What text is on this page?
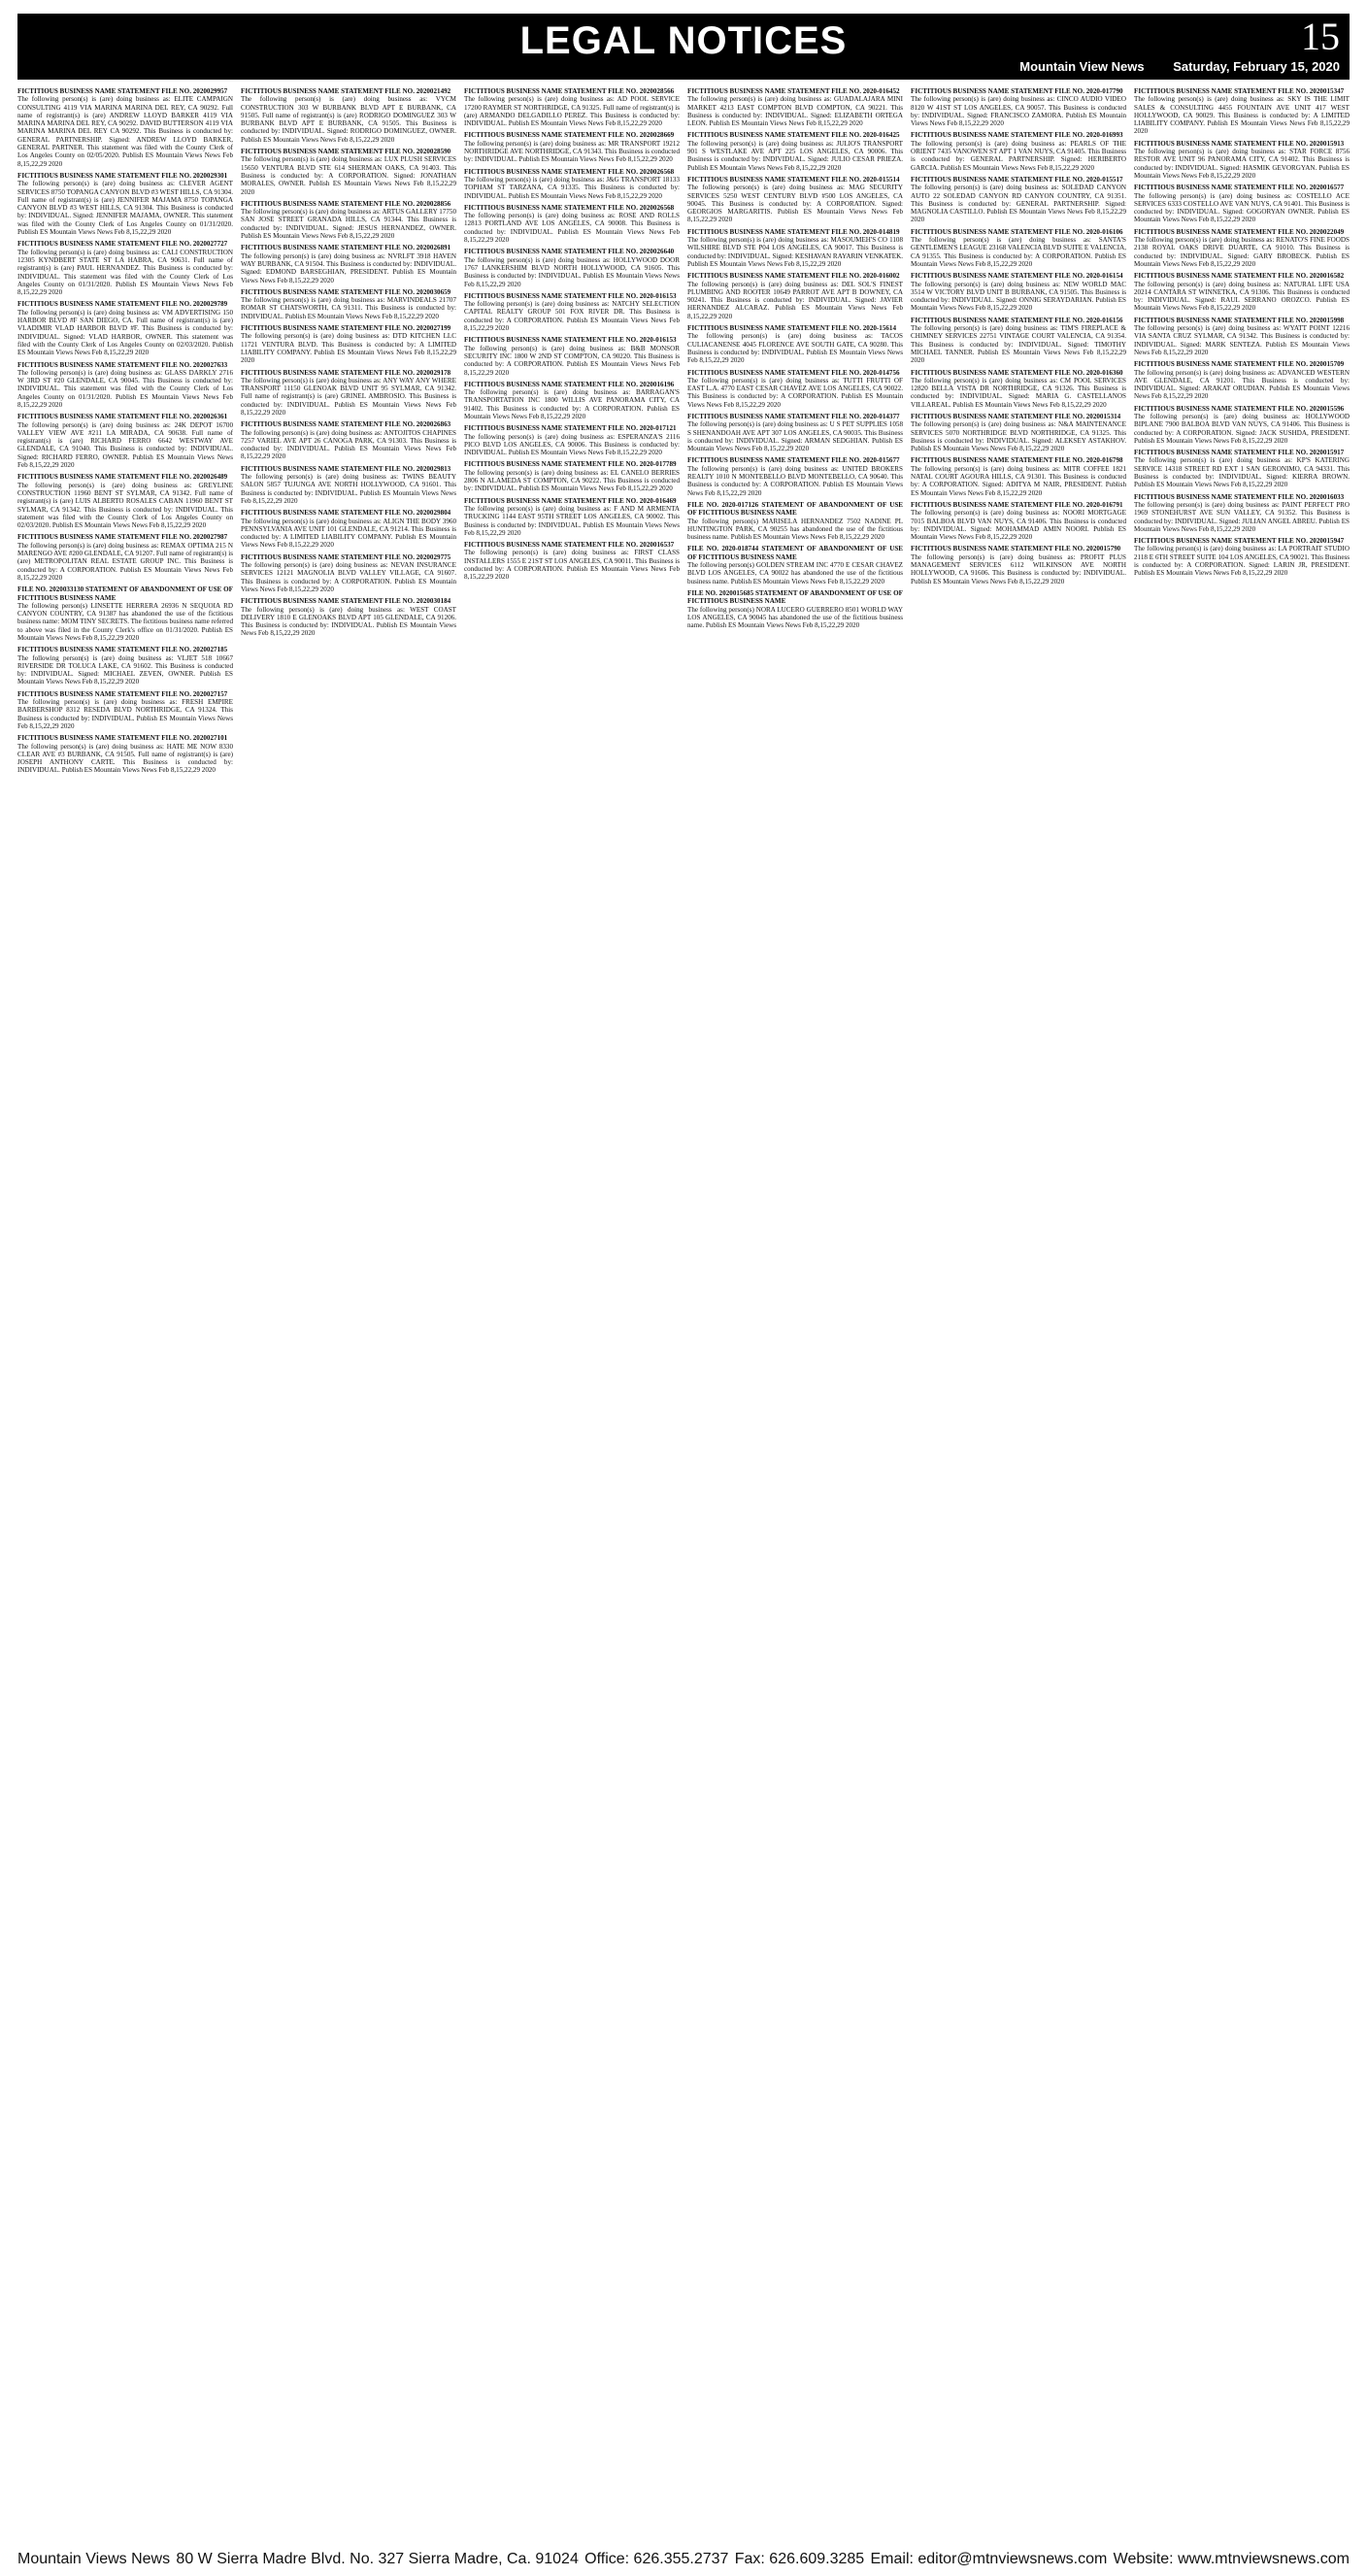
LEGAL NOTICES	15
Mountain View News Saturday, February 15, 2020
FICTITIOUS BUSINESS NAME STATEMENT FILE NO. 2020029957
The following person(s) is (are) doing business as: ELITE CAMPAIGN CONSULTING 4119 VIA MARINA MARINA DEL REY, CA 90292. Full name of registrant(s) is (are) ANDREW LLOYD BARKER 4119 VIA MARINA MARINA DEL REY, CA 90292. DAVID BUTTERSON 4119 VIA MARINA MARINA DEL REY CA 90292. This Business is conducted by: GENERAL PARTNERSHIP. Signed: ANDREW LLOYD BARKER, GENERAL PARTNER. This statement was filed with the County Clerk of Los Angeles County on 02/05/2020. Publish ES Mountain Views News Feb 8,15,22,29 2020
FICTITIOUS BUSINESS NAME STATEMENT FILE NO. 2020029301
The following person(s) is (are) doing business as: CLEVER AGENT SERVICES 8750 TOPANGA CANYON BLVD #3 WEST HILLS, CA 91304. Full name of registrant(s) is (are) JENNIFER MAJAMA 8750 TOPANGA CANYON BLVD #3 WEST HILLS, CA 91304. This Business is conducted by: INDIVIDUAL. Signed: JENNIFER MAJAMA, OWNER. This statement was filed with the County Clerk of Los Angeles County on 01/31/2020. Publish ES Mountain Views News Feb 8,15,22,29 2020
FICTITIOUS BUSINESS NAME STATEMENT FILE NO. 2020027727
The following person(s) is (are) doing business as: CALI CONSTRUCTION 12305 KYNDBERT STATE ST LA HABRA, CA 90631. Full name of registrant(s) is (are) PAUL HERNANDEZ. This Business is conducted by: INDIVIDUAL. This statement was filed with the County Clerk of Los Angeles County on 01/31/2020. Publish ES Mountain Views News Feb 8,15,22,29 2020
FICTITIOUS BUSINESS NAME STATEMENT FILE NO. 2020029789
The following person(s) is (are) doing business as: VM ADVERTISING 150 HARBOR BLVD #F SAN DIEGO, CA. Full name of registrant(s) is (are) VLADIMIR VLAD HARBOR BLVD #F. This Business is conducted by: INDIVIDUAL. Signed: VLAD HARBOR, OWNER. This statement was filed with the County Clerk of Los Angeles County on 02/03/2020. Publish ES Mountain Views News Feb 8,15,22,29 2020
FICTITIOUS BUSINESS NAME STATEMENT FILE NO. 2020027633
The following person(s) is (are) doing business as: GLASS DARKLY 2716 W 3RD ST #20 GLENDALE, CA 90045. This Business is conducted by: INDIVIDUAL. This statement was filed with the County Clerk of Los Angeles County on 01/31/2020. Publish ES Mountain Views News Feb 8,15,22,29 2020
FICTITIOUS BUSINESS NAME STATEMENT FILE NO. 2020026361
The following person(s) is (are) doing business as: 24K DEPOT 16700 VALLEY VIEW AVE #211 LA MIRADA, CA 90638. Full name of registrant(s) is (are) RICHARD FERRO 6642 WESTWAY AVE GLENDALE, CA 91040. This Business is conducted by: INDIVIDUAL. Signed: RICHARD FERRO, OWNER. Publish ES Mountain Views News Feb 8,15,22,29 2020
FICTITIOUS BUSINESS NAME STATEMENT FILE NO. 2020026489
The following person(s) is (are) doing business as: GREYLINE CONSTRUCTION 11960 BENT ST SYLMAR, CA 91342. Full name of registrant(s) is (are) LUIS ALBERTO ROSALES CABAN 11960 BENT ST SYLMAR, CA 91342. This Business is conducted by: INDIVIDUAL. This statement was filed with the County Clerk of Los Angeles County on 02/03/2020. Publish ES Mountain Views News Feb 8,15,22,29 2020
FICTITIOUS BUSINESS NAME STATEMENT FILE NO. 2020027987
The following person(s) is (are) doing business as: REMAX OPTIMA 215 N MARENGO AVE #200 GLENDALE, CA 91207. Full name of registrant(s) is (are) METROPOLITAN REAL ESTATE GROUP INC. This Business is conducted by: A CORPORATION. Publish ES Mountain Views News Feb 8,15,22,29 2020
FILE NO. 2020033130 STATEMENT OF ABANDONMENT OF USE OF FICTITIOUS BUSINESS NAME
The following person(s) LINSETTE HERRERA 26936 N SEQUOIA RD CANYON COUNTRY, CA 91387 has abandoned the use of the fictitious business name: MOM TINY SECRETS. The fictitious business name referred to above was filed in the County Clerk's office on 01/31/2020. Publish ES Mountain Views News Feb 8,15,22,29 2020
FICTITIOUS BUSINESS NAME STATEMENT FILE NO. 2020027185
The following person(s) is (are) doing business as: VLJET 518 10667 RIVERSIDE DR TOLUCA LAKE, CA 91602. This Business is conducted by: INDIVIDUAL. Signed: MICHAEL ZEVEN, OWNER. Publish ES Mountain Views News Feb 8,15,22,29 2020
FICTITIOUS BUSINESS NAME STATEMENT FILE NO. 2020027157
The following person(s) is (are) doing business as: FRESH EMPIRE BARBERSHOP 8312 RESEDA BLVD NORTHRIDGE, CA 91324. This Business is conducted by: INDIVIDUAL. Publish ES Mountain Views News Feb 8,15,22,29 2020
FICTITIOUS BUSINESS NAME STATEMENT FILE NO. 2020027101
The following person(s) is (are) doing business as: HATE ME NOW 8330 CLEAR AVE #3 BURBANK, CA 91505. Full name of registrant(s) is (are) JOSEPH ANTHONY CARTE. This Business is conducted by: INDIVIDUAL. Publish ES Mountain Views News Feb 8,15,22,29 2020
FICTITIOUS BUSINESS NAME STATEMENT FILE NO. 2020021492
The following person(s) is (are) doing business as: VYCM CONSTRUCTION 303 W BURBANK BLVD APT E BURBANK, CA 91505. Full name of registrant(s) is (are) RODRIGO DOMINGUEZ 303 W BURBANK BLVD APT E BURBANK, CA 91505. This Business is conducted by: INDIVIDUAL. Signed: RODRIGO DOMINGUEZ, OWNER. Publish ES Mountain Views News Feb 8,15,22,29 2020
FICTITIOUS BUSINESS NAME STATEMENT FILE NO. 2020028590
The following person(s) is (are) doing business as: LUX PLUSH SERVICES 15650 VENTURA BLVD STE 614 SHERMAN OAKS, CA 91403. This Business is conducted by: A CORPORATION. Signed: JONATHAN MORALES, OWNER. Publish ES Mountain Views News Feb 8,15,22,29 2020
FICTITIOUS BUSINESS NAME STATEMENT FILE NO. 2020028856
The following person(s) is (are) doing business as: ARTUS GALLERY 17750 SAN JOSE STREET GRANADA HILLS, CA 91344. This Business is conducted by: INDIVIDUAL. Signed: JESUS HERNANDEZ, OWNER. Publish ES Mountain Views News Feb 8,15,22,29 2020
FICTITIOUS BUSINESS NAME STATEMENT FILE NO. 2020026891
The following person(s) is (are) doing business as: NVRLFT 3918 HAVEN WAY BURBANK, CA 91504. This Business is conducted by: INDIVIDUAL. Signed: EDMOND BARSEGHIAN, PRESIDENT. Publish ES Mountain Views News Feb 8,15,22,29 2020
FICTITIOUS BUSINESS NAME STATEMENT FILE NO. 2020030659
The following person(s) is (are) doing business as: MARVINDEALS 21707 ROMAR ST CHATSWORTH, CA 91311. This Business is conducted by: INDIVIDUAL. Publish ES Mountain Views News Feb 8,15,22,29 2020
FICTITIOUS BUSINESS NAME STATEMENT FILE NO. 2020027199
The following person(s) is (are) doing business as: DTD KITCHEN LLC 11721 VENTURA BLVD. This Business is conducted by: A LIMITED LIABILITY COMPANY. Publish ES Mountain Views News Feb 8,15,22,29 2020
FICTITIOUS BUSINESS NAME STATEMENT FILE NO. 2020029178
The following person(s) is (are) doing business as: ANY WAY ANY WHERE TRANSPORT 11150 GLENOAK BLVD UNIT 95 SYLMAR, CA 91342. Full name of registrant(s) is (are) GRINEL AMBROSIO. This Business is conducted by: INDIVIDUAL. Publish ES Mountain Views News Feb 8,15,22,29 2020
FICTITIOUS BUSINESS NAME STATEMENT FILE NO. 2020026863
The following person(s) is (are) doing business as: ANTOJITOS CHAPINES 7257 VARIEL AVE APT 26 CANOGA PARK, CA 91303. This Business is conducted by: INDIVIDUAL. Publish ES Mountain Views News Feb 8,15,22,29 2020
FICTITIOUS BUSINESS NAME STATEMENT FILE NO. 2020029813
The following person(s) is (are) doing business as: TWINS BEAUTY SALON 5857 TUJUNGA AVE NORTH HOLLYWOOD, CA 91601. This Business is conducted by: INDIVIDUAL. Publish ES Mountain Views News Feb 8,15,22,29 2020
FICTITIOUS BUSINESS NAME STATEMENT FILE NO. 2020029804
The following person(s) is (are) doing business as: ALIGN THE BODY 3960 PENNSYLVANIA AVE UNIT 101 GLENDALE, CA 91214. This Business is conducted by: A LIMITED LIABILITY COMPANY. Publish ES Mountain Views News Feb 8,15,22,29 2020
FICTITIOUS BUSINESS NAME STATEMENT FILE NO. 2020029775
The following person(s) is (are) doing business as: NEVAN INSURANCE SERVICES 12121 MAGNOLIA BLVD VALLEY VILLAGE, CA 91607. This Business is conducted by: A CORPORATION. Publish ES Mountain Views News Feb 8,15,22,29 2020
FICTITIOUS BUSINESS NAME STATEMENT FILE NO. 2020030184
The following person(s) is (are) doing business as: WEST COAST DELIVERY 1810 E GLENOAKS BLVD APT 105 GLENDALE, CA 91206. This Business is conducted by: INDIVIDUAL. Publish ES Mountain Views News Feb 8,15,22,29 2020
FICTITIOUS BUSINESS NAME STATEMENT FILE NO. 2020028566
The following person(s) is (are) doing business as: AD POOL SERVICE 17200 RAYMER ST NORTHRIDGE, CA 91325. Full name of registrant(s) is (are) ARMANDO DELGADILLO PEREZ. This Business is conducted by: INDIVIDUAL. Publish ES Mountain Views News Feb 8,15,22,29 2020
FICTITIOUS BUSINESS NAME STATEMENT FILE NO. 2020028669
The following person(s) is (are) doing business as: MR TRANSPORT 19212 NORTHRIDGE AVE NORTHRIDGE, CA 91343. This Business is conducted by: INDIVIDUAL. Publish ES Mountain Views News Feb 8,15,22,29 2020
FICTITIOUS BUSINESS NAME STATEMENT FILE NO. 2020026568
The following person(s) is (are) doing business as: J&G TRANSPORT 18133 TOPHAM ST TARZANA, CA 91335. This Business is conducted by: INDIVIDUAL. Publish ES Mountain Views News Feb 8,15,22,29 2020
FICTITIOUS BUSINESS NAME STATEMENT FILE NO. 2020026568
The following person(s) is (are) doing business as: ROSE AND ROLLS 12813 PORTLAND AVE LOS ANGELES, CA 90008. This Business is conducted by: INDIVIDUAL. Publish ES Mountain Views News Feb 8,15,22,29 2020
FICTITIOUS BUSINESS NAME STATEMENT FILE NO. 2020026640
The following person(s) is (are) doing business as: HOLLYWOOD DOOR 1767 LANKERSHIM BLVD NORTH HOLLYWOOD, CA 91605. This Business is conducted by: INDIVIDUAL. Publish ES Mountain Views News Feb 8,15,22,29 2020
FICTITIOUS BUSINESS NAME STATEMENT FILE NO. 2020-016153
The following person(s) is (are) doing business as: NATCHY SELECTION CAPITAL REALTY GROUP 501 FOX RIVER DR. This Business is conducted by: A CORPORATION. Publish ES Mountain Views News Feb 8,15,22,29 2020
FICTITIOUS BUSINESS NAME STATEMENT FILE NO. 2020-016153
The following person(s) is (are) doing business as: B&B MONSOR SECURITY INC 1800 W 2ND ST COMPTON, CA 90220. This Business is conducted by: A CORPORATION. Publish ES Mountain Views News Feb 8,15,22,29 2020
FICTITIOUS BUSINESS NAME STATEMENT FILE NO. 2020016196
The following person(s) is (are) doing business as: BARRAGAN'S TRANSPORTATION INC 1800 WILLIS AVE PANORAMA CITY, CA 91402. This Business is conducted by: A CORPORATION. Publish ES Mountain Views News Feb 8,15,22,29 2020
FICTITIOUS BUSINESS NAME STATEMENT FILE NO. 2020-017121
The following person(s) is (are) doing business as: ESPERANZA'S 2116 PICO BLVD LOS ANGELES, CA 90006. This Business is conducted by: INDIVIDUAL. Publish ES Mountain Views News Feb 8,15,22,29 2020
FICTITIOUS BUSINESS NAME STATEMENT FILE NO. 2020-017789
The following person(s) is (are) doing business as: EL CANELO BERRIES 2806 N ALAMEDA ST COMPTON, CA 90222. This Business is conducted by: INDIVIDUAL. Publish ES Mountain Views News Feb 8,15,22,29 2020
FICTITIOUS BUSINESS NAME STATEMENT FILE NO. 2020-016469
The following person(s) is (are) doing business as: F AND M ARMENTA TRUCKING 1144 EAST 95TH STREET LOS ANGELES, CA 90002. This Business is conducted by: INDIVIDUAL. Publish ES Mountain Views News Feb 8,15,22,29 2020
FICTITIOUS BUSINESS NAME STATEMENT FILE NO. 2020016537
The following person(s) is (are) doing business as: FIRST CLASS INSTALLERS 1555 E 21ST ST LOS ANGELES, CA 90011. This Business is conducted by: A CORPORATION. Publish ES Mountain Views News Feb 8,15,22,29 2020
FICTITIOUS BUSINESS NAME STATEMENT FILE NO. 2020-016452
The following person(s) is (are) doing business as: GUADALAJARA MINI MARKET 4213 EAST COMPTON BLVD COMPTON, CA 90221. This Business is conducted by: INDIVIDUAL. Signed: ELIZABETH ORTEGA LEON. Publish ES Mountain Views News Feb 8,15,22,29 2020
FICTITIOUS BUSINESS NAME STATEMENT FILE NO. 2020-016425
The following person(s) is (are) doing business as: JULIO'S TRANSPORT 901 S WESTLAKE AVE APT 225 LOS ANGELES, CA 90006. This Business is conducted by: INDIVIDUAL. Signed: JULIO CESAR PRIEZA. Publish ES Mountain Views News Feb 8,15,22,29 2020
FICTITIOUS BUSINESS NAME STATEMENT FILE NO. 2020-015514
The following person(s) is (are) doing business as: MAG SECURITY SERVICES 5250 WEST CENTURY BLVD #500 LOS ANGELES, CA 90045. This Business is conducted by: A CORPORATION. Signed: GEORGIOS MARGARITIS. Publish ES Mountain Views News Feb 8,15,22,29 2020
FICTITIOUS BUSINESS NAME STATEMENT FILE NO. 2020-014819
The following person(s) is (are) doing business as: MASOUMEH'S CO 1108 WILSHIRE BLVD STE P04 LOS ANGELES, CA 90017. This Business is conducted by: INDIVIDUAL. Signed: KESHAVAN RAYARIN VENKATEK. Publish ES Mountain Views News Feb 8,15,22,29 2020
FICTITIOUS BUSINESS NAME STATEMENT FILE NO. 2020-016002
The following person(s) is (are) doing business as: DEL SOL'S FINEST PLUMBING AND ROOTER 10649 PARROT AVE APT B DOWNEY, CA 90241. This Business is conducted by: INDIVIDUAL. Signed: JAVIER HERNANDEZ ALCARAZ. Publish ES Mountain Views News Feb 8,15,22,29 2020
FICTITIOUS BUSINESS NAME STATEMENT FILE NO. 2020-15614
The following person(s) is (are) doing business as: TACOS CULIACANENSE 4045 FLORENCE AVE SOUTH GATE, CA 90280. This Business is conducted by: INDIVIDUAL. Publish ES Mountain Views News Feb 8,15,22,29 2020
FICTITIOUS BUSINESS NAME STATEMENT FILE NO. 2020-014756
The following person(s) is (are) doing business as: TUTTI FRUTTI OF EAST L.A. 4770 EAST CESAR CHAVEZ AVE LOS ANGELES, CA 90022. This Business is conducted by: A CORPORATION. Publish ES Mountain Views News Feb 8,15,22,29 2020
FICTITIOUS BUSINESS NAME STATEMENT FILE NO. 2020-014377
The following person(s) is (are) doing business as: U S PET SUPPLIES 1058 S SHENANDOAH AVE APT 307 LOS ANGELES, CA 90035. This Business is conducted by: INDIVIDUAL. Signed: ARMAN SEDGHIAN. Publish ES Mountain Views News Feb 8,15,22,29 2020
FICTITIOUS BUSINESS NAME STATEMENT FILE NO. 2020-015677
The following person(s) is (are) doing business as: UNITED BROKERS REALTY 1010 N MONTEBELLO BLVD MONTEBELLO, CA 90640. This Business is conducted by: A CORPORATION. Publish ES Mountain Views News Feb 8,15,22,29 2020
FILE NO. 2020-017126 STATEMENT OF ABANDONMENT OF USE OF FICTITIOUS BUSINESS NAME
The following person(s) MARISELA HERNANDEZ 7502 NADINE PL HUNTINGTON PARK, CA 90255 has abandoned the use of the fictitious business name. Publish ES Mountain Views News Feb 8,15,22,29 2020
FILE NO. 2020-018744 STATEMENT OF ABANDONMENT OF USE OF FICTITIOUS BUSINESS NAME
The following person(s) GOLDEN STREAM INC 4770 E CESAR CHAVEZ BLVD LOS ANGELES, CA 90022 has abandoned the use of the fictitious business name. Publish ES Mountain Views News Feb 8,15,22,29 2020
FILE NO. 2020015685 STATEMENT OF ABANDONMENT OF USE OF FICTITIOUS BUSINESS NAME
The following person(s) NORA LUCERO GUERRERO 8501 WORLD WAY LOS ANGELES, CA 90045 has abandoned the use of the fictitious business name. Publish ES Mountain Views News Feb 8,15,22,29 2020
FICTITIOUS BUSINESS NAME STATEMENT FILE NO. 2020-017790
The following person(s) is (are) doing business as: CINCO AUDIO VIDEO 8120 W 41ST ST LOS ANGELES, CA 90057. This Business is conducted by: INDIVIDUAL. Signed: FRANCISCO ZAMORA. Publish ES Mountain Views News Feb 8,15,22,29 2020
FICTITIOUS BUSINESS NAME STATEMENT FILE NO. 2020-016993
The following person(s) is (are) doing business as: PEARLS OF THE ORIENT 7435 VANOWEN ST APT 1 VAN NUYS, CA 91405. This Business is conducted by: GENERAL PARTNERSHIP. Signed: HERIBERTO GARCIA. Publish ES Mountain Views News Feb 8,15,22,29 2020
FICTITIOUS BUSINESS NAME STATEMENT FILE NO. 2020-015517
The following person(s) is (are) doing business as: SOLEDAD CANYON AUTO 22 SOLEDAD CANYON RD CANYON COUNTRY, CA 91351. This Business is conducted by: GENERAL PARTNERSHIP. Signed: MAGNOLIA CASTILLO. Publish ES Mountain Views News Feb 8,15,22,29 2020
FICTITIOUS BUSINESS NAME STATEMENT FILE NO. 2020-016106
The following person(s) is (are) doing business as: SANTA'S GENTLEMEN'S LEAGUE 23168 VALENCIA BLVD SUITE E VALENCIA, CA 91355. This Business is conducted by: A CORPORATION. Publish ES Mountain Views News Feb 8,15,22,29 2020
FICTITIOUS BUSINESS NAME STATEMENT FILE NO. 2020-016154
The following person(s) is (are) doing business as: NEW WORLD MAC 3514 W VICTORY BLVD UNIT B BURBANK, CA 91505. This Business is conducted by: INDIVIDUAL. Signed: ONNIG SERAYDARIAN. Publish ES Mountain Views News Feb 8,15,22,29 2020
FICTITIOUS BUSINESS NAME STATEMENT FILE NO. 2020-016156
The following person(s) is (are) doing business as: TIM'S FIREPLACE & CHIMNEY SERVICES 22751 VINTAGE COURT VALENCIA, CA 91354. This Business is conducted by: INDIVIDUAL. Signed: TIMOTHY MICHAEL TANNER. Publish ES Mountain Views News Feb 8,15,22,29 2020
FICTITIOUS BUSINESS NAME STATEMENT FILE NO. 2020-016360
The following person(s) is (are) doing business as: CM POOL SERVICES 12820 BELLA VISTA DR NORTHRIDGE, CA 91326. This Business is conducted by: INDIVIDUAL. Signed: MARIA G. CASTELLANOS VILLAREAL. Publish ES Mountain Views News Feb 8,15,22,29 2020
FICTITIOUS BUSINESS NAME STATEMENT FILE NO. 2020015314
The following person(s) is (are) doing business as: N&A MAINTENANCE SERVICES 5070 NORTHRIDGE BLVD NORTHRIDGE, CA 91325. This Business is conducted by: INDIVIDUAL. Signed: ALEKSEY ASTAKHOV. Publish ES Mountain Views News Feb 8,15,22,29 2020
FICTITIOUS BUSINESS NAME STATEMENT FILE NO. 2020-016798
The following person(s) is (are) doing business as: MITR COFFEE 1821 NATAL COURT AGOURA HILLS, CA 91301. This Business is conducted by: A CORPORATION. Signed: ADITYA M NAIR, PRESIDENT. Publish ES Mountain Views News Feb 8,15,22,29 2020
FICTITIOUS BUSINESS NAME STATEMENT FILE NO. 2020-016791
The following person(s) is (are) doing business as: NOORI MORTGAGE 7015 BALBOA BLVD VAN NUYS, CA 91406. This Business is conducted by: INDIVIDUAL. Signed: MOHAMMAD AMIN NOORI. Publish ES Mountain Views News Feb 8,15,22,29 2020
FICTITIOUS BUSINESS NAME STATEMENT FILE NO. 2020015790
The following person(s) is (are) doing business as: PROFIT PLUS MANAGEMENT SERVICES 6112 WILKINSON AVE NORTH HOLLYWOOD, CA 91606. This Business is conducted by: INDIVIDUAL. Publish ES Mountain Views News Feb 8,15,22,29 2020
FICTITIOUS BUSINESS NAME STATEMENT FILE NO. 2020015347
The following person(s) is (are) doing business as: SKY IS THE LIMIT SALES & CONSULTING 4455 FOUNTAIN AVE UNIT 417 WEST HOLLYWOOD, CA 90029. This Business is conducted by: A LIMITED LIABILITY COMPANY. Publish ES Mountain Views News Feb 8,15,22,29 2020
FICTITIOUS BUSINESS NAME STATEMENT FILE NO. 2020015913
The following person(s) is (are) doing business as: STAR FORCE 8756 RESTOR AVE UNIT 96 PANORAMA CITY, CA 91402. This Business is conducted by: INDIVIDUAL. Signed: HASMIK GEVORGYAN. Publish ES Mountain Views News Feb 8,15,22,29 2020
FICTITIOUS BUSINESS NAME STATEMENT FILE NO. 2020016577
The following person(s) is (are) doing business as: COSTELLO ACE SERVICES 6333 COSTELLO AVE VAN NUYS, CA 91401. This Business is conducted by: INDIVIDUAL. Signed: GOGORYAN OWNER. Publish ES Mountain Views News Feb 8,15,22,29 2020
FICTITIOUS BUSINESS NAME STATEMENT FILE NO. 2020022049
The following person(s) is (are) doing business as: RENATO'S FINE FOODS 2138 ROYAL OAKS DRIVE DUARTE, CA 91010. This Business is conducted by: INDIVIDUAL. Signed: GARY BROBECK. Publish ES Mountain Views News Feb 8,15,22,29 2020
FICTITIOUS BUSINESS NAME STATEMENT FILE NO. 2020016582
The following person(s) is (are) doing business as: NATURAL LIFE USA 20214 CANTARA ST WINNETKA, CA 91306. This Business is conducted by: INDIVIDUAL. Signed: RAUL SERRANO OROZCO. Publish ES Mountain Views News Feb 8,15,22,29 2020
FICTITIOUS BUSINESS NAME STATEMENT FILE NO. 2020015998
The following person(s) is (are) doing business as: WYATT POINT 12216 VIA SANTA CRUZ SYLMAR, CA 91342. This Business is conducted by: INDIVIDUAL. Signed: MARK SENTEZA. Publish ES Mountain Views News Feb 8,15,22,29 2020
FICTITIOUS BUSINESS NAME STATEMENT FILE NO. 2020015709
The following person(s) is (are) doing business as: ADVANCED WESTERN AVE GLENDALE, CA 91201. This Business is conducted by: INDIVIDUAL. Signed: ARAKAT ORUDIAN. Publish ES Mountain Views News Feb 8,15,22,29 2020
FICTITIOUS BUSINESS NAME STATEMENT FILE NO. 2020015596
The following person(s) is (are) doing business as: HOLLYWOOD BIPLANE 7900 BALBOA BLVD VAN NUYS, CA 91406. This Business is conducted by: A CORPORATION. Signed: JACK SUSHDA, PRESIDENT. Publish ES Mountain Views News Feb 8,15,22,29 2020
FICTITIOUS BUSINESS NAME STATEMENT FILE NO. 2020015917
The following person(s) is (are) doing business as: KP'S KATERING SERVICE 14318 STREET RD EXT 1 SAN GERONIMO, CA 94331. This Business is conducted by: INDIVIDUAL. Signed: KIERRA BROWN. Publish ES Mountain Views News Feb 8,15,22,29 2020
FICTITIOUS BUSINESS NAME STATEMENT FILE NO. 2020016033
The following person(s) is (are) doing business as: PAINT PERFECT PRO 1969 STONEHURST AVE SUN VALLEY, CA 91352. This Business is conducted by: INDIVIDUAL. Signed: JULIAN ANGEL ABREU. Publish ES Mountain Views News Feb 8,15,22,29 2020
FICTITIOUS BUSINESS NAME STATEMENT FILE NO. 2020015947
The following person(s) is (are) doing business as: LA PORTRAIT STUDIO 2118 E 6TH STREET SUITE 104 LOS ANGELES, CA 90021. This Business is conducted by: A CORPORATION. Signed: LARIN JR, PRESIDENT. Publish ES Mountain Views News Feb 8,15,22,29 2020
Mountain Views News 80 W Sierra Madre Blvd. No. 327 Sierra Madre, Ca. 91024 Office: 626.355.2737 Fax: 626.609.3285 Email: editor@mtnviewsnews.com Website: www.mtnviewsnews.com
